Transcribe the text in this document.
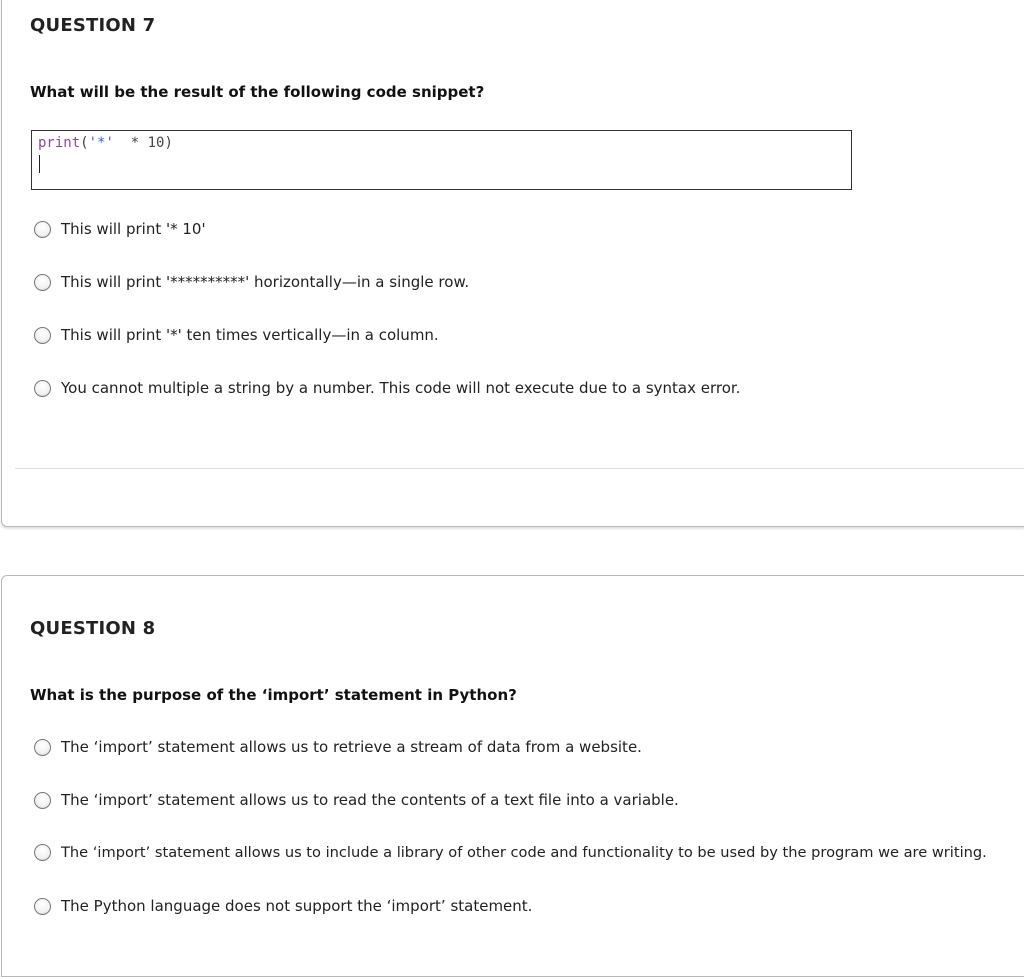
QUESTION 7
What will be the result of the following code snippet?
print('*'  * 10)
This will print '* 10'
This will print '**********' horizontally—in a single row.
This will print '*' ten times vertically—in a column.
You cannot multiple a string by a number. This code will not execute due to a syntax error.
QUESTION 8
What is the purpose of the ‘import’ statement in Python?
The ‘import’ statement allows us to retrieve a stream of data from a website.
The ‘import’ statement allows us to read the contents of a text file into a variable.
The ‘import’ statement allows us to include a library of other code and functionality to be used by the program we are writing.
The Python language does not support the ‘import’ statement.
